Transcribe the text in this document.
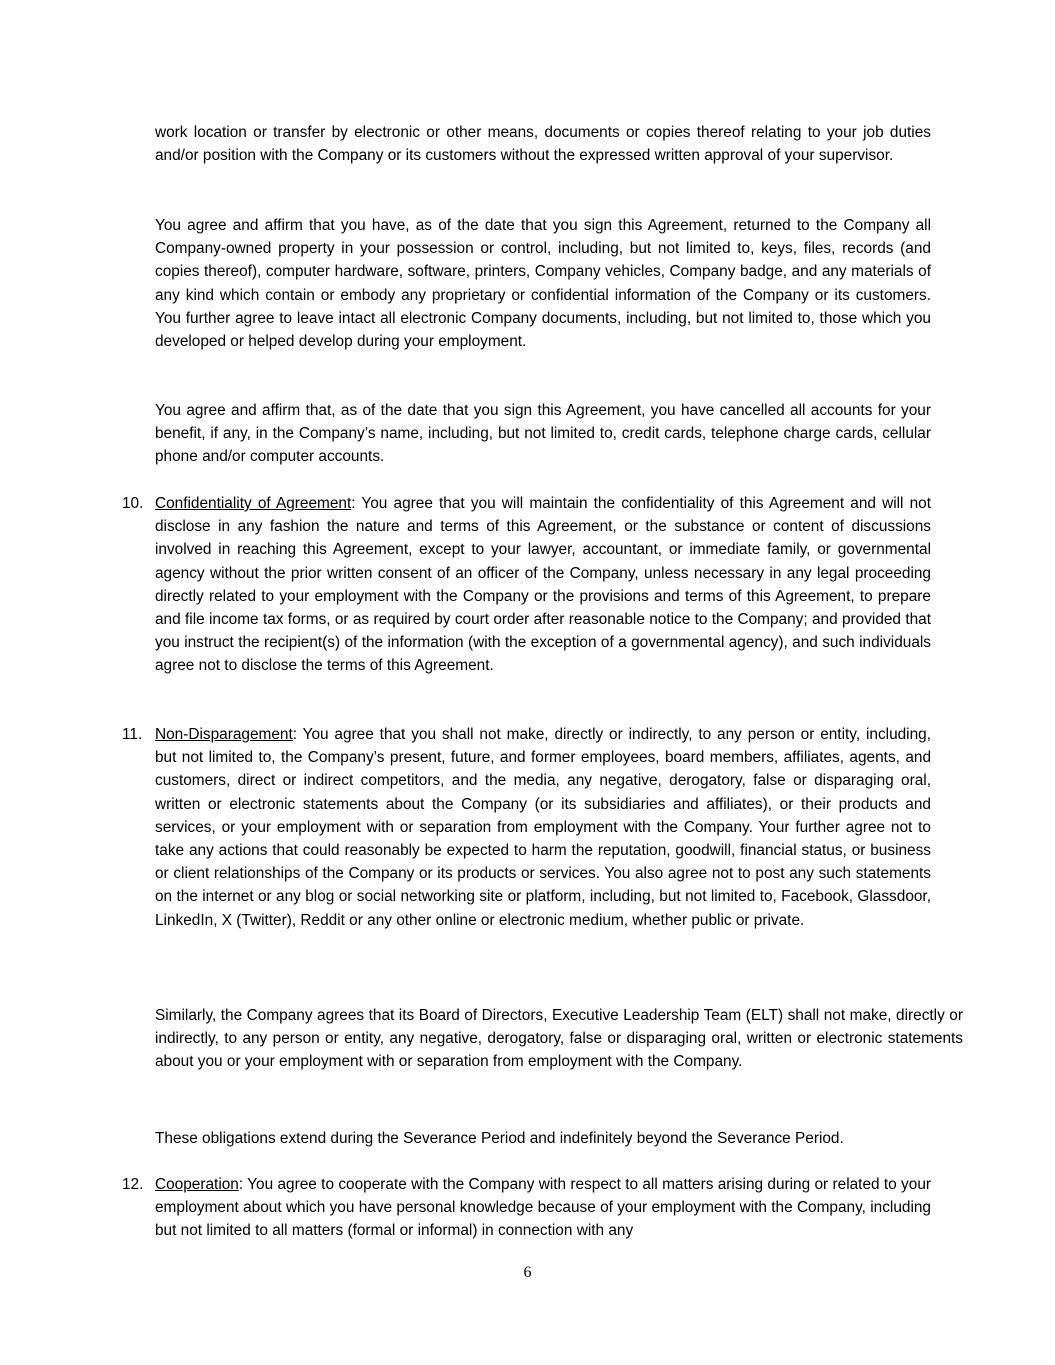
work location or transfer by electronic or other means, documents or copies thereof relating to your job duties and/or position with the Company or its customers without the expressed written approval of your supervisor.

You agree and affirm that you have, as of the date that you sign this Agreement, returned to the Company all Company-owned property in your possession or control, including, but not limited to, keys, files, records (and copies thereof), computer hardware, software, printers, Company vehicles, Company badge, and any materials of any kind which contain or embody any proprietary or confidential information of the Company or its customers. You further agree to leave intact all electronic Company documents, including, but not limited to, those which you developed or helped develop during your employment.

You agree and affirm that, as of the date that you sign this Agreement, you have cancelled all accounts for your benefit, if any, in the Company’s name, including, but not limited to, credit cards, telephone charge cards, cellular phone and/or computer accounts.

10. Confidentiality of Agreement: You agree that you will maintain the confidentiality of this Agreement and will not disclose in any fashion the nature and terms of this Agreement, or the substance or content of discussions involved in reaching this Agreement, except to your lawyer, accountant, or immediate family, or governmental agency without the prior written consent of an officer of the Company, unless necessary in any legal proceeding directly related to your employment with the Company or the provisions and terms of this Agreement, to prepare and file income tax forms, or as required by court order after reasonable notice to the Company; and provided that you instruct the recipient(s) of the information (with the exception of a governmental agency), and such individuals agree not to disclose the terms of this Agreement.

11. Non-Disparagement: You agree that you shall not make, directly or indirectly, to any person or entity, including, but not limited to, the Company’s present, future, and former employees, board members, affiliates, agents, and customers, direct or indirect competitors, and the media, any negative, derogatory, false or disparaging oral, written or electronic statements about the Company (or its subsidiaries and affiliates), or their products and services, or your employment with or separation from employment with the Company. Your further agree not to take any actions that could reasonably be expected to harm the reputation, goodwill, financial status, or business or client relationships of the Company or its products or services. You also agree not to post any such statements on the internet or any blog or social networking site or platform, including, but not limited to, Facebook, Glassdoor, LinkedIn, X (Twitter), Reddit or any other online or electronic medium, whether public or private.

Similarly, the Company agrees that its Board of Directors, Executive Leadership Team (ELT) shall not make, directly or indirectly, to any person or entity, any negative, derogatory, false or disparaging oral, written or electronic statements about you or your employment with or separation from employment with the Company.

These obligations extend during the Severance Period and indefinitely beyond the Severance Period.

12. Cooperation: You agree to cooperate with the Company with respect to all matters arising during or related to your employment about which you have personal knowledge because of your employment with the Company, including but not limited to all matters (formal or informal) in connection with any

6
